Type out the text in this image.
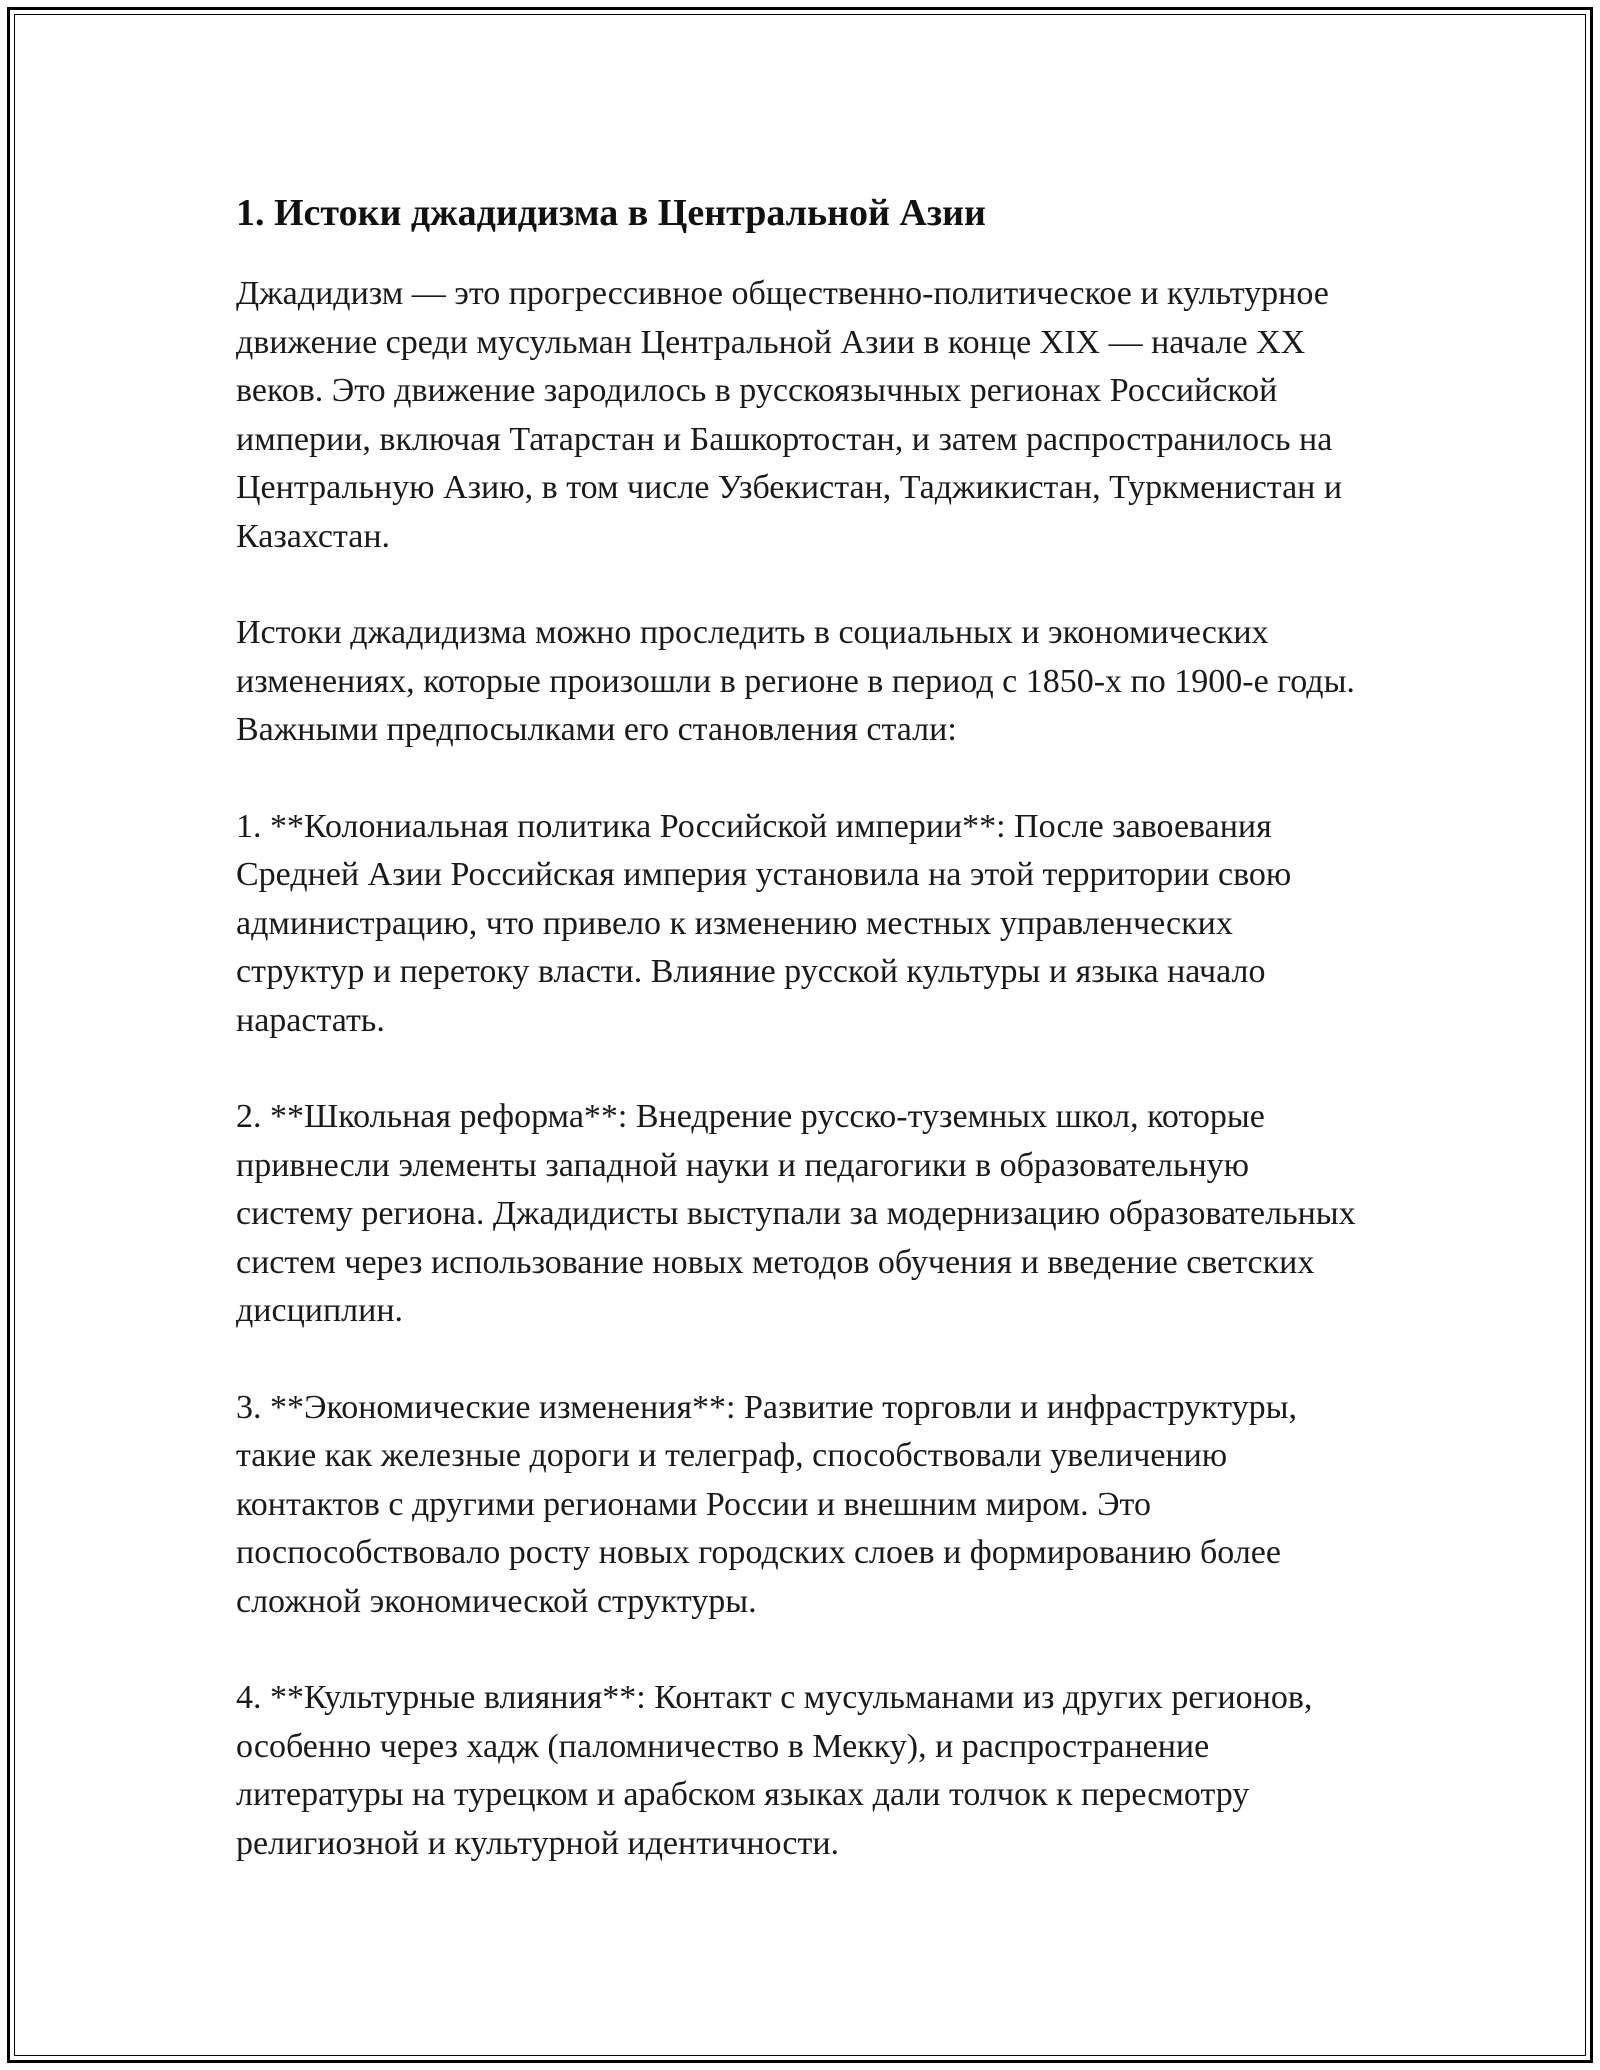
1. Истоки джадидизма в Центральной Азии

Джадидизм — это прогрессивное общественно-политическое и культурное движение среди мусульман Центральной Азии в конце XIX — начале XX веков. Это движение зародилось в русскоязычных регионах Российской империи, включая Татарстан и Башкортостан, и затем распространилось на Центральную Азию, в том числе Узбекистан, Таджикистан, Туркменистан и Казахстан.

Истоки джадидизма можно проследить в социальных и экономических изменениях, которые произошли в регионе в период с 1850-х по 1900-е годы. Важными предпосылками его становления стали:

1. **Колониальная политика Российской империи**: После завоевания Средней Азии Российская империя установила на этой территории свою администрацию, что привело к изменению местных управленческих структур и перетоку власти. Влияние русской культуры и языка начало нарастать.

2. **Школьная реформа**: Внедрение русско-туземных школ, которые привнесли элементы западной науки и педагогики в образовательную систему региона. Джадидисты выступали за модернизацию образовательных систем через использование новых методов обучения и введение светских дисциплин.

3. **Экономические изменения**: Развитие торговли и инфраструктуры, такие как железные дороги и телеграф, способствовали увеличению контактов с другими регионами России и внешним миром. Это поспособствовало росту новых городских слоев и формированию более сложной экономической структуры.

4. **Культурные влияния**: Контакт с мусульманами из других регионов, особенно через хадж (паломничество в Мекку), и распространение литературы на турецком и арабском языках дали толчок к пересмотру религиозной и культурной идентичности.
